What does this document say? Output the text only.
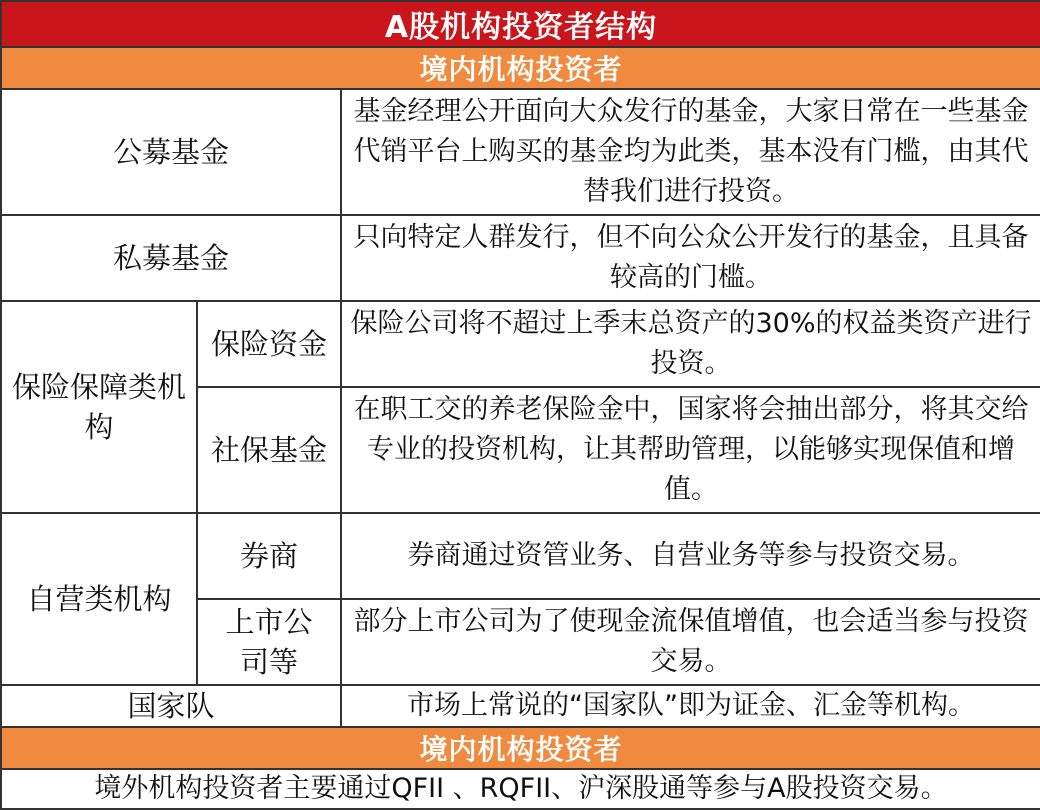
A股机构投资者结构		
境内机构投资者		
公募基金		基金经理公开面向大众发行的基金，大家日常在一些基金代销平台上购买的基金均为此类，基本没有门槛，由其代替我们进行投资。
私募基金		只向特定人群发行，但不向公众公开发行的基金，且具备较高的门槛。
保险保障类机构	保险资金	保险公司将不超过上季末总资产的30%的权益类资产进行投资。
	社保基金	在职工交的养老保险金中，国家将会抽出部分，将其交给专业的投资机构，让其帮助管理，以能够实现保值和增值。
自营类机构	券商	券商通过资管业务、自营业务等参与投资交易。
	上市公司等	部分上市公司为了使现金流保值增值，也会适当参与投资交易。
国家队		市场上常说的“国家队”即为证金、汇金等机构。
境内机构投资者		
境外机构投资者主要通过QFII 、RQFII、沪深股通等参与A股投资交易。		
